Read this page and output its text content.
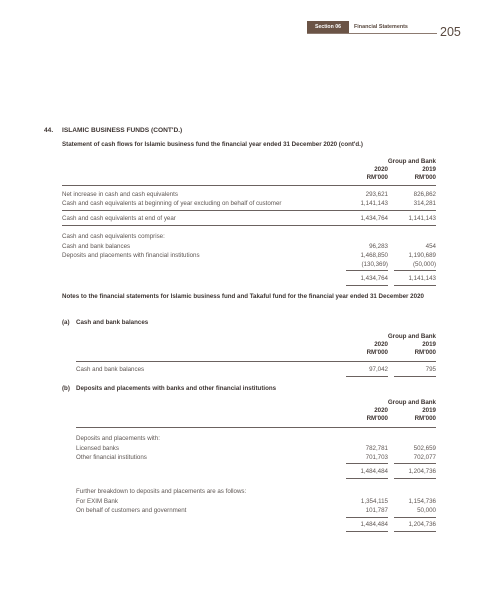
Section 06	Financial Statements	205
44. ISLAMIC BUSINESS FUNDS (CONT'D.)
Statement of cash flows for Islamic business fund the financial year ended 31 December 2020 (cont'd.)
Group and Bank
2020	2019
RM'000	RM'000
Net increase in cash and cash equivalents	293,621	826,862
Cash and cash equivalents at beginning of year excluding on behalf of customer	1,141,143	314,281
Cash and cash equivalents at end of year	1,434,764	1,141,143
Cash and cash equivalents comprise:
Cash and bank balances	96,283	454
Deposits and placements with financial institutions	1,468,850	1,190,689
(130,369)	(50,000)
1,434,764	1,141,143
Notes to the financial statements for Islamic business fund and Takaful fund for the financial year ended 31 December 2020
(a) Cash and bank balances
Group and Bank
2020	2019
RM'000	RM'000
Cash and bank balances	97,042	795
(b) Deposits and placements with banks and other financial institutions
Group and Bank
2020	2019
RM'000	RM'000
Deposits and placements with:
Licensed banks	782,781	502,659
Other financial institutions	701,703	702,077
1,484,484	1,204,736
Further breakdown to deposits and placements are as follows:
For EXIM Bank	1,354,115	1,154,736
On behalf of customers and government	101,787	50,000
1,484,484	1,204,736
